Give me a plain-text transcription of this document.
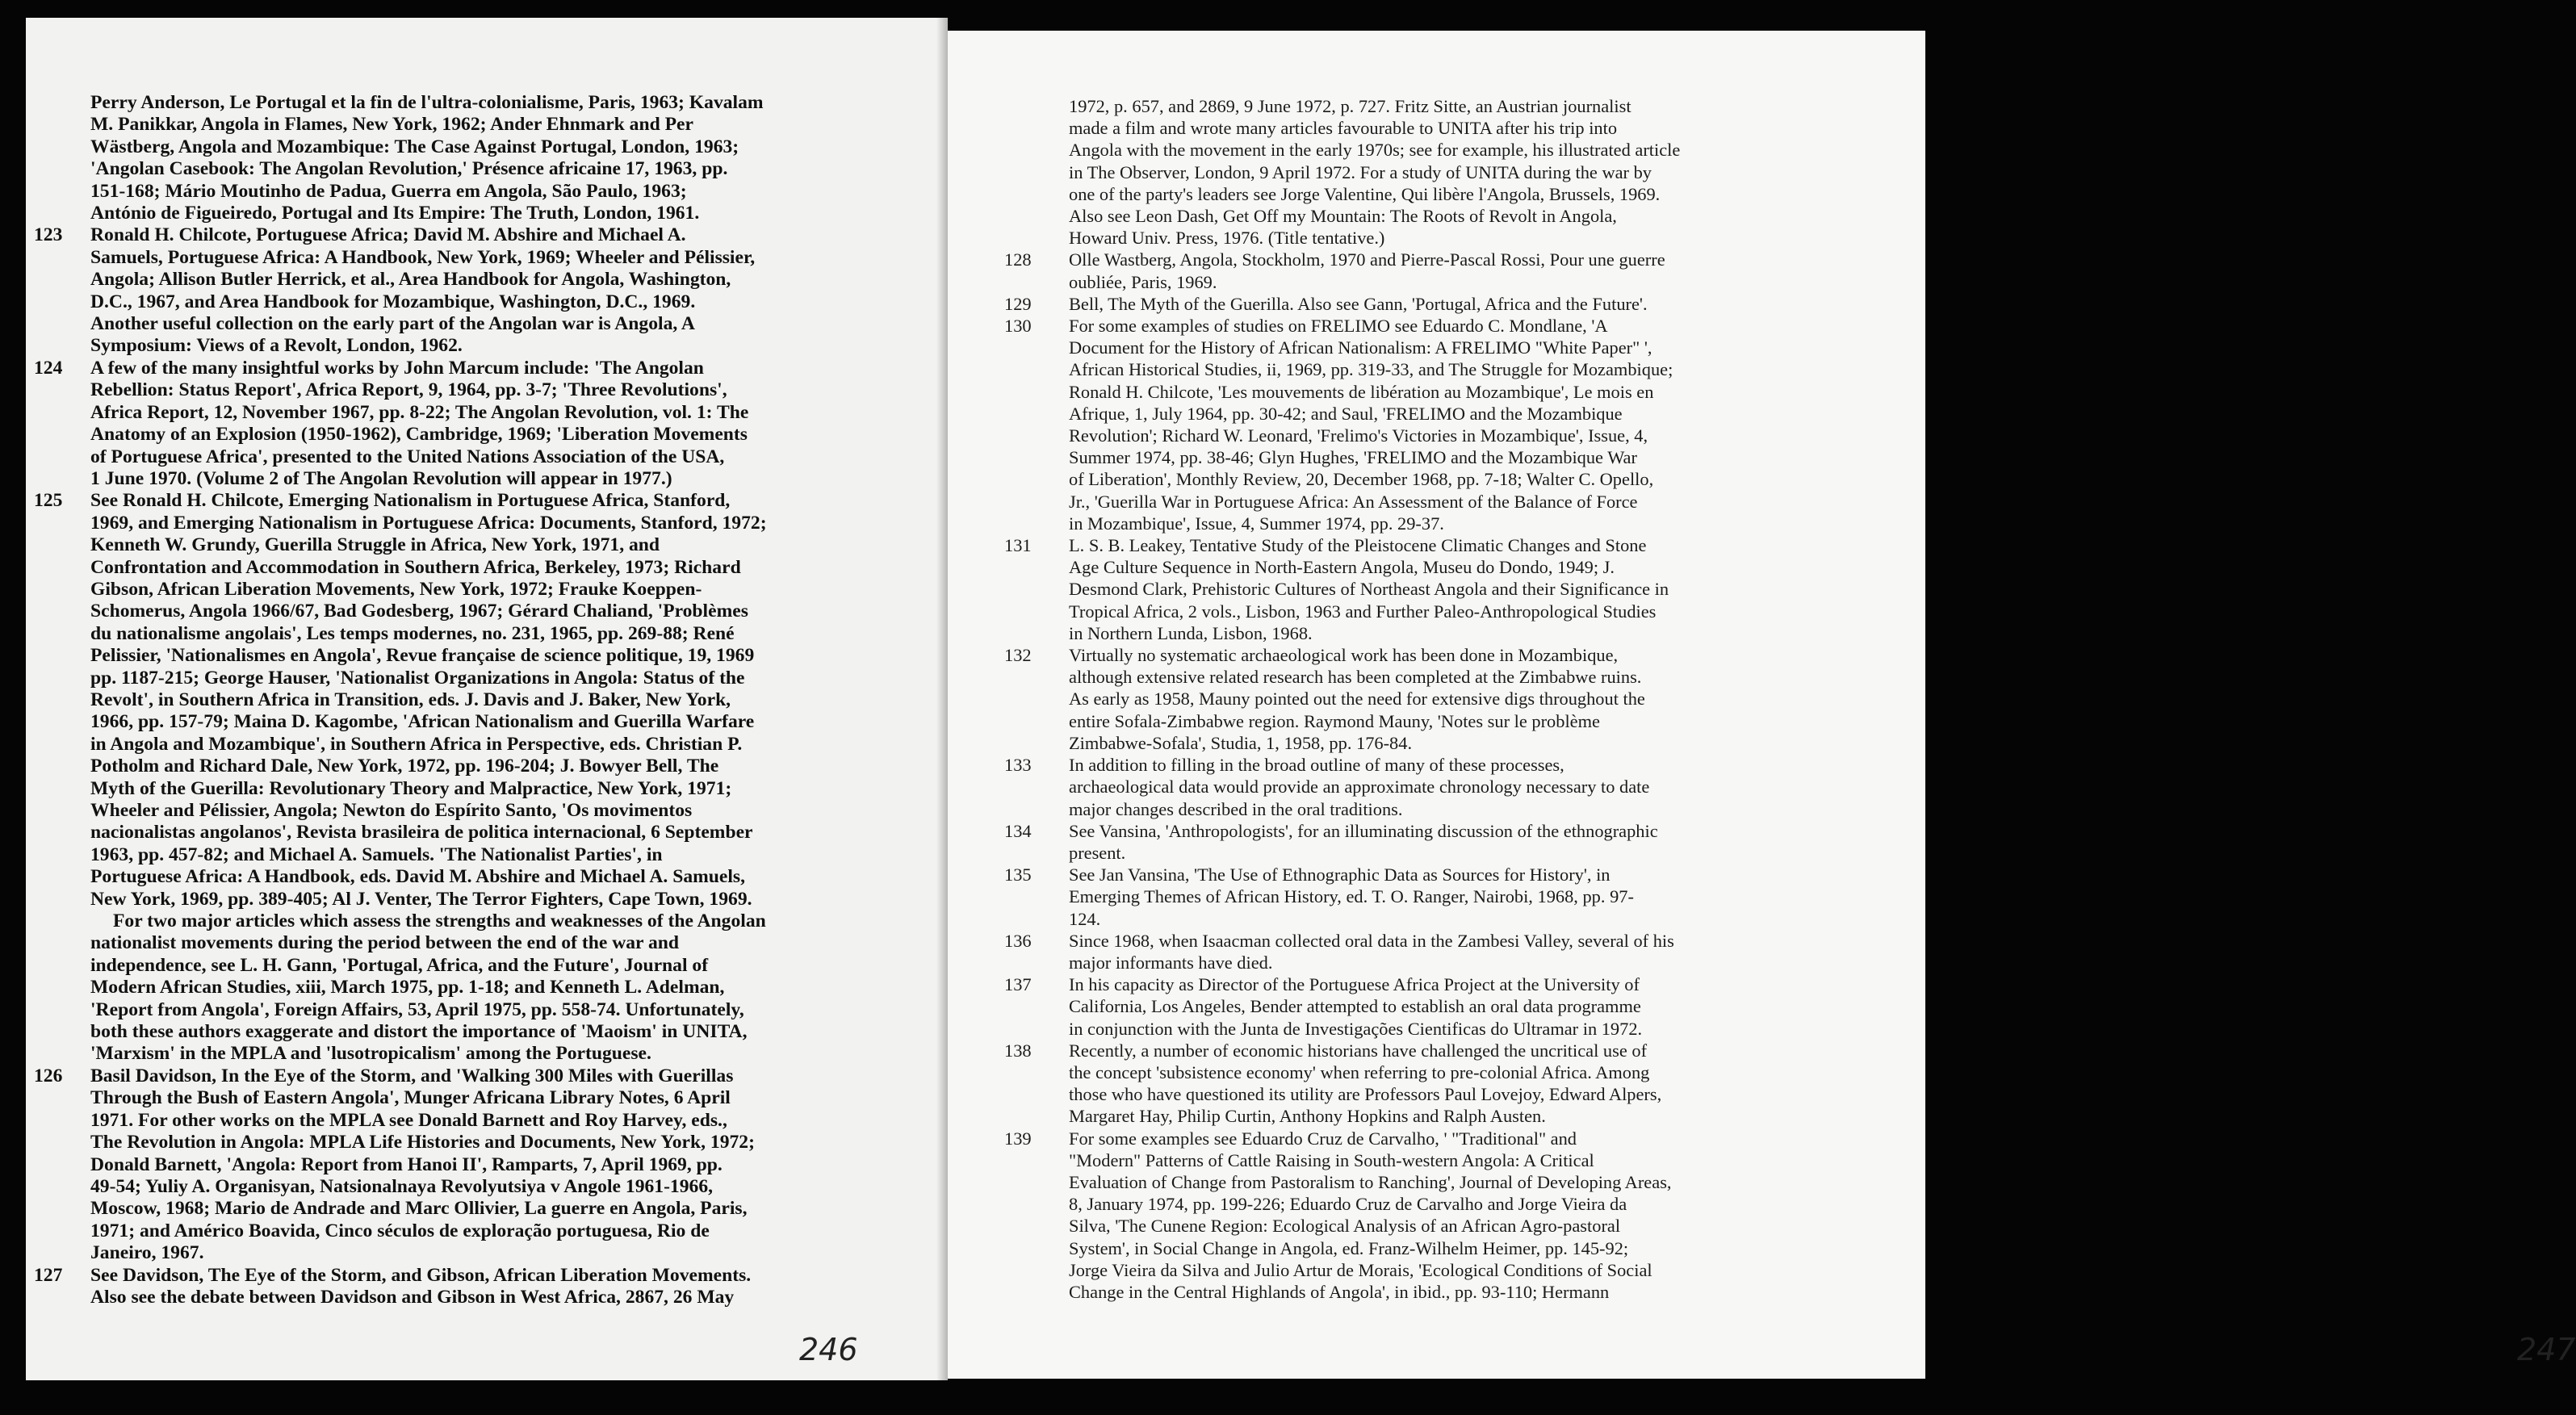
Perry Anderson, Le Portugal et la fin de l'ultra-colonialisme, Paris, 1963; Kavalam
M. Panikkar, Angola in Flames, New York, 1962; Ander Ehnmark and Per
Wästberg, Angola and Mozambique: The Case Against Portugal, London, 1963;
'Angolan Casebook: The Angolan Revolution,' Présence africaine 17, 1963, pp.
151-168; Mário Moutinho de Padua, Guerra em Angola, São Paulo, 1963;
António de Figueiredo, Portugal and Its Empire: The Truth, London, 1961.

123	Ronald H. Chilcote, Portuguese Africa; David M. Abshire and Michael A.
Samuels, Portuguese Africa: A Handbook, New York, 1969; Wheeler and Pélissier,
Angola; Allison Butler Herrick, et al., Area Handbook for Angola, Washington,
D.C., 1967, and Area Handbook for Mozambique, Washington, D.C., 1969.
Another useful collection on the early part of the Angolan war is Angola, A
Symposium: Views of a Revolt, London, 1962.

124	A few of the many insightful works by John Marcum include: 'The Angolan
Rebellion: Status Report', Africa Report, 9, 1964, pp. 3-7; 'Three Revolutions',
Africa Report, 12, November 1967, pp. 8-22; The Angolan Revolution, vol. 1: The
Anatomy of an Explosion (1950-1962), Cambridge, 1969; 'Liberation Movements
of Portuguese Africa', presented to the United Nations Association of the USA,
1 June 1970. (Volume 2 of The Angolan Revolution will appear in 1977.)

125	See Ronald H. Chilcote, Emerging Nationalism in Portuguese Africa, Stanford,
1969, and Emerging Nationalism in Portuguese Africa: Documents, Stanford, 1972;
Kenneth W. Grundy, Guerilla Struggle in Africa, New York, 1971, and
Confrontation and Accommodation in Southern Africa, Berkeley, 1973; Richard
Gibson, African Liberation Movements, New York, 1972; Frauke Koeppen-
Schomerus, Angola 1966/67, Bad Godesberg, 1967; Gérard Chaliand, 'Problèmes
du nationalisme angolais', Les temps modernes, no. 231, 1965, pp. 269-88; René
Pelissier, 'Nationalismes en Angola', Revue française de science politique, 19, 1969
pp. 1187-215; George Hauser, 'Nationalist Organizations in Angola: Status of the
Revolt', in Southern Africa in Transition, eds. J. Davis and J. Baker, New York,
1966, pp. 157-79; Maina D. Kagombe, 'African Nationalism and Guerilla Warfare
in Angola and Mozambique', in Southern Africa in Perspective, eds. Christian P.
Potholm and Richard Dale, New York, 1972, pp. 196-204; J. Bowyer Bell, The
Myth of the Guerilla: Revolutionary Theory and Malpractice, New York, 1971;
Wheeler and Pélissier, Angola; Newton do Espírito Santo, 'Os movimentos
nacionalistas angolanos', Revista brasileira de politica internacional, 6 September
1963, pp. 457-82; and Michael A. Samuels. 'The Nationalist Parties', in
Portuguese Africa: A Handbook, eds. David M. Abshire and Michael A. Samuels,
New York, 1969, pp. 389-405; Al J. Venter, The Terror Fighters, Cape Town, 1969.
For two major articles which assess the strengths and weaknesses of the Angolan
nationalist movements during the period between the end of the war and
independence, see L. H. Gann, 'Portugal, Africa, and the Future', Journal of
Modern African Studies, xiii, March 1975, pp. 1-18; and Kenneth L. Adelman,
'Report from Angola', Foreign Affairs, 53, April 1975, pp. 558-74. Unfortunately,
both these authors exaggerate and distort the importance of 'Maoism' in UNITA,
'Marxism' in the MPLA and 'lusotropicalism' among the Portuguese.

126	Basil Davidson, In the Eye of the Storm, and 'Walking 300 Miles with Guerillas
Through the Bush of Eastern Angola', Munger Africana Library Notes, 6 April
1971. For other works on the MPLA see Donald Barnett and Roy Harvey, eds.,
The Revolution in Angola: MPLA Life Histories and Documents, New York, 1972;
Donald Barnett, 'Angola: Report from Hanoi II', Ramparts, 7, April 1969, pp.
49-54; Yuliy A. Organisyan, Natsionalnaya Revolyutsiya v Angole 1961-1966,
Moscow, 1968; Mario de Andrade and Marc Ollivier, La guerre en Angola, Paris,
1971; and Américo Boavida, Cinco séculos de exploração portuguesa, Rio de
Janeiro, 1967.

127	See Davidson, The Eye of the Storm, and Gibson, African Liberation Movements.
Also see the debate between Davidson and Gibson in West Africa, 2867, 26 May

246

1972, p. 657, and 2869, 9 June 1972, p. 727. Fritz Sitte, an Austrian journalist
made a film and wrote many articles favourable to UNITA after his trip into
Angola with the movement in the early 1970s; see for example, his illustrated article
in The Observer, London, 9 April 1972. For a study of UNITA during the war by
one of the party's leaders see Jorge Valentine, Qui libère l'Angola, Brussels, 1969.
Also see Leon Dash, Get Off my Mountain: The Roots of Revolt in Angola,
Howard Univ. Press, 1976. (Title tentative.)

128	Olle Wastberg, Angola, Stockholm, 1970 and Pierre-Pascal Rossi, Pour une guerre
oubliée, Paris, 1969.

129	Bell, The Myth of the Guerilla. Also see Gann, 'Portugal, Africa and the Future'.

130	For some examples of studies on FRELIMO see Eduardo C. Mondlane, 'A
Document for the History of African Nationalism: A FRELIMO "White Paper" ',
African Historical Studies, ii, 1969, pp. 319-33, and The Struggle for Mozambique;
Ronald H. Chilcote, 'Les mouvements de libération au Mozambique', Le mois en
Afrique, 1, July 1964, pp. 30-42; and Saul, 'FRELIMO and the Mozambique
Revolution'; Richard W. Leonard, 'Frelimo's Victories in Mozambique', Issue, 4,
Summer 1974, pp. 38-46; Glyn Hughes, 'FRELIMO and the Mozambique War
of Liberation', Monthly Review, 20, December 1968, pp. 7-18; Walter C. Opello,
Jr., 'Guerilla War in Portuguese Africa: An Assessment of the Balance of Force
in Mozambique', Issue, 4, Summer 1974, pp. 29-37.

131	L. S. B. Leakey, Tentative Study of the Pleistocene Climatic Changes and Stone
Age Culture Sequence in North-Eastern Angola, Museu do Dondo, 1949; J.
Desmond Clark, Prehistoric Cultures of Northeast Angola and their Significance in
Tropical Africa, 2 vols., Lisbon, 1963 and Further Paleo-Anthropological Studies
in Northern Lunda, Lisbon, 1968.

132	Virtually no systematic archaeological work has been done in Mozambique,
although extensive related research has been completed at the Zimbabwe ruins.
As early as 1958, Mauny pointed out the need for extensive digs throughout the
entire Sofala-Zimbabwe region. Raymond Mauny, 'Notes sur le problème
Zimbabwe-Sofala', Studia, 1, 1958, pp. 176-84.

133	In addition to filling in the broad outline of many of these processes,
archaeological data would provide an approximate chronology necessary to date
major changes described in the oral traditions.

134	See Vansina, 'Anthropologists', for an illuminating discussion of the ethnographic
present.

135	See Jan Vansina, 'The Use of Ethnographic Data as Sources for History', in
Emerging Themes of African History, ed. T. O. Ranger, Nairobi, 1968, pp. 97-
124.

136	Since 1968, when Isaacman collected oral data in the Zambesi Valley, several of his
major informants have died.

137	In his capacity as Director of the Portuguese Africa Project at the University of
California, Los Angeles, Bender attempted to establish an oral data programme
in conjunction with the Junta de Investigações Cientificas do Ultramar in 1972.

138	Recently, a number of economic historians have challenged the uncritical use of
the concept 'subsistence economy' when referring to pre-colonial Africa. Among
those who have questioned its utility are Professors Paul Lovejoy, Edward Alpers,
Margaret Hay, Philip Curtin, Anthony Hopkins and Ralph Austen.

139	For some examples see Eduardo Cruz de Carvalho, ' "Traditional" and
"Modern" Patterns of Cattle Raising in South-western Angola: A Critical
Evaluation of Change from Pastoralism to Ranching', Journal of Developing Areas,
8, January 1974, pp. 199-226; Eduardo Cruz de Carvalho and Jorge Vieira da
Silva, 'The Cunene Region: Ecological Analysis of an African Agro-pastoral
System', in Social Change in Angola, ed. Franz-Wilhelm Heimer, pp. 145-92;
Jorge Vieira da Silva and Julio Artur de Morais, 'Ecological Conditions of Social
Change in the Central Highlands of Angola', in ibid., pp. 93-110; Hermann

247
